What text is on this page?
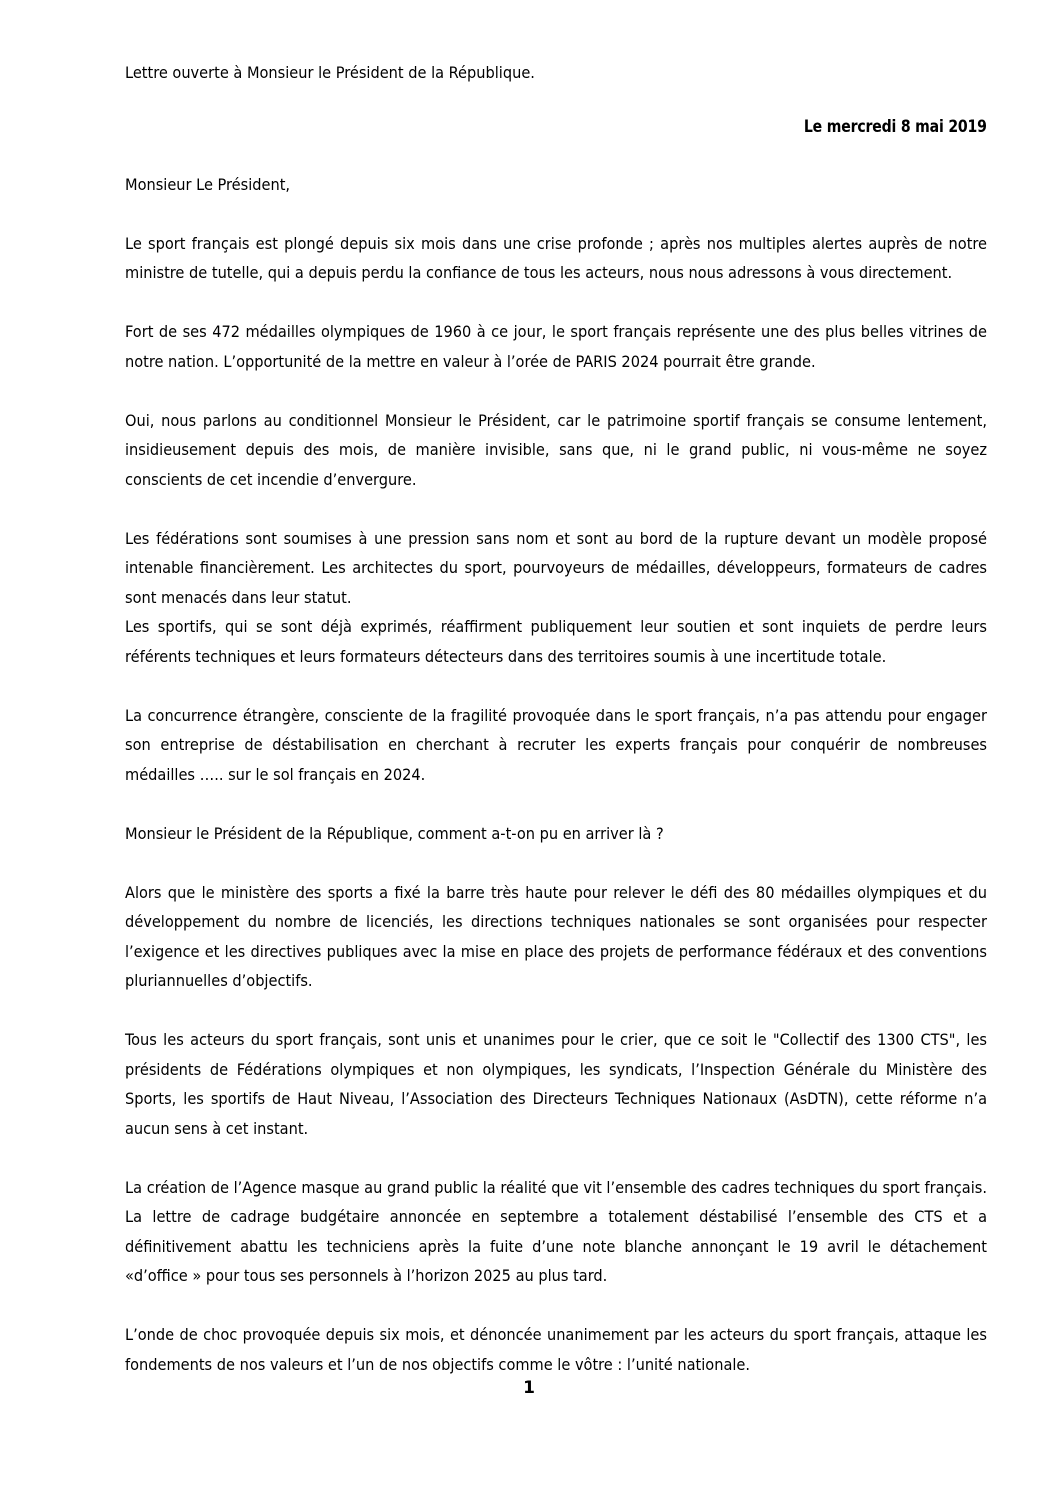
Lettre ouverte à Monsieur le Président de la République.

Le mercredi 8 mai 2019

Monsieur Le Président,

Le sport français est plongé depuis six mois dans une crise profonde ; après nos multiples alertes auprès de notre ministre de tutelle, qui a depuis perdu la confiance de tous les acteurs, nous nous adressons à vous directement.

Fort de ses 472 médailles olympiques de 1960 à ce jour, le sport français représente une des plus belles vitrines de notre nation. L’opportunité de la mettre en valeur à l’orée de PARIS 2024 pourrait être grande.

Oui, nous parlons au conditionnel Monsieur le Président, car le patrimoine sportif français se consume lentement, insidieusement depuis des mois, de manière invisible, sans que, ni le grand public, ni vous-même ne soyez conscients de cet incendie d’envergure.

Les fédérations sont soumises à une pression sans nom et sont au bord de la rupture devant un modèle proposé intenable financièrement. Les architectes du sport, pourvoyeurs de médailles, développeurs, formateurs de cadres sont menacés dans leur statut.

Les sportifs, qui se sont déjà exprimés, réaffirment publiquement leur soutien et sont inquiets de perdre leurs référents techniques et leurs formateurs détecteurs dans des territoires soumis à une incertitude totale.

La concurrence étrangère, consciente de la fragilité provoquée dans le sport français, n’a pas attendu pour engager son entreprise de déstabilisation en cherchant à recruter les experts français pour conquérir de nombreuses médailles ….. sur le sol français en 2024.

Monsieur le Président de la République, comment a-t-on pu en arriver là ?

Alors que le ministère des sports a fixé la barre très haute pour relever le défi des 80 médailles olympiques et du développement du nombre de licenciés, les directions techniques nationales se sont organisées pour respecter l’exigence et les directives publiques avec la mise en place des projets de performance fédéraux et des conventions pluriannuelles d’objectifs.

Tous les acteurs du sport français, sont unis et unanimes pour le crier, que ce soit le "Collectif des 1300 CTS", les présidents de Fédérations olympiques et non olympiques, les syndicats, l’Inspection Générale du Ministère des Sports, les sportifs de Haut Niveau, l’Association des Directeurs Techniques Nationaux (AsDTN), cette réforme n’a aucun sens à cet instant.

La création de l’Agence masque au grand public la réalité que vit l’ensemble des cadres techniques du sport français. La lettre de cadrage budgétaire annoncée en septembre a totalement déstabilisé l’ensemble des CTS et a définitivement abattu les techniciens après la fuite d’une note blanche annonçant le 19 avril le détachement «d’office » pour tous ses personnels à l’horizon 2025 au plus tard.

L’onde de choc provoquée depuis six mois, et dénoncée unanimement par les acteurs du sport français, attaque les fondements de nos valeurs et l’un de nos objectifs comme le vôtre : l’unité nationale.

1
